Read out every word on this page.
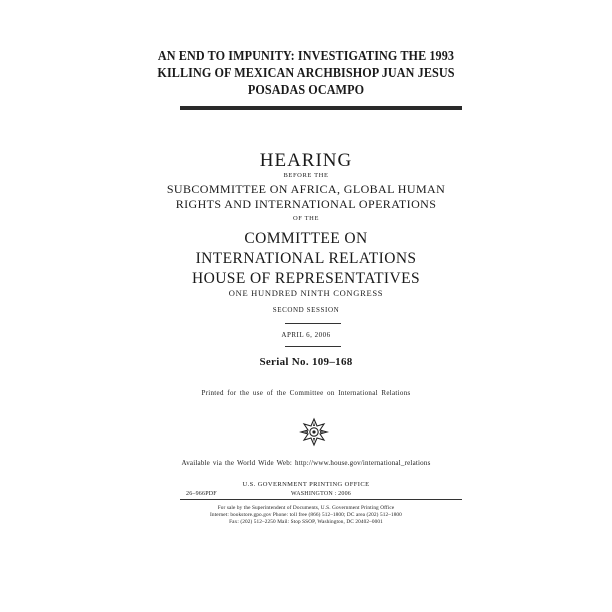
AN END TO IMPUNITY: INVESTIGATING THE 1993
KILLING OF MEXICAN ARCHBISHOP JUAN JESUS
POSADAS OCAMPO
HEARING
BEFORE THE
SUBCOMMITTEE ON AFRICA, GLOBAL HUMAN
RIGHTS AND INTERNATIONAL OPERATIONS
OF THE
COMMITTEE ON
INTERNATIONAL RELATIONS
HOUSE OF REPRESENTATIVES
ONE HUNDRED NINTH CONGRESS
SECOND SESSION
APRIL 6, 2006
Serial No. 109–168
Printed for the use of the Committee on International Relations
Available via the World Wide Web: http://www.house.gov/international_relations
U.S. GOVERNMENT PRINTING OFFICE
26–966PDF	WASHINGTON : 2006
For sale by the Superintendent of Documents, U.S. Government Printing Office
Internet: bookstore.gpo.gov Phone: toll free (866) 512–1800; DC area (202) 512–1800
Fax: (202) 512–2250 Mail: Stop SSOP, Washington, DC 20402–0001
